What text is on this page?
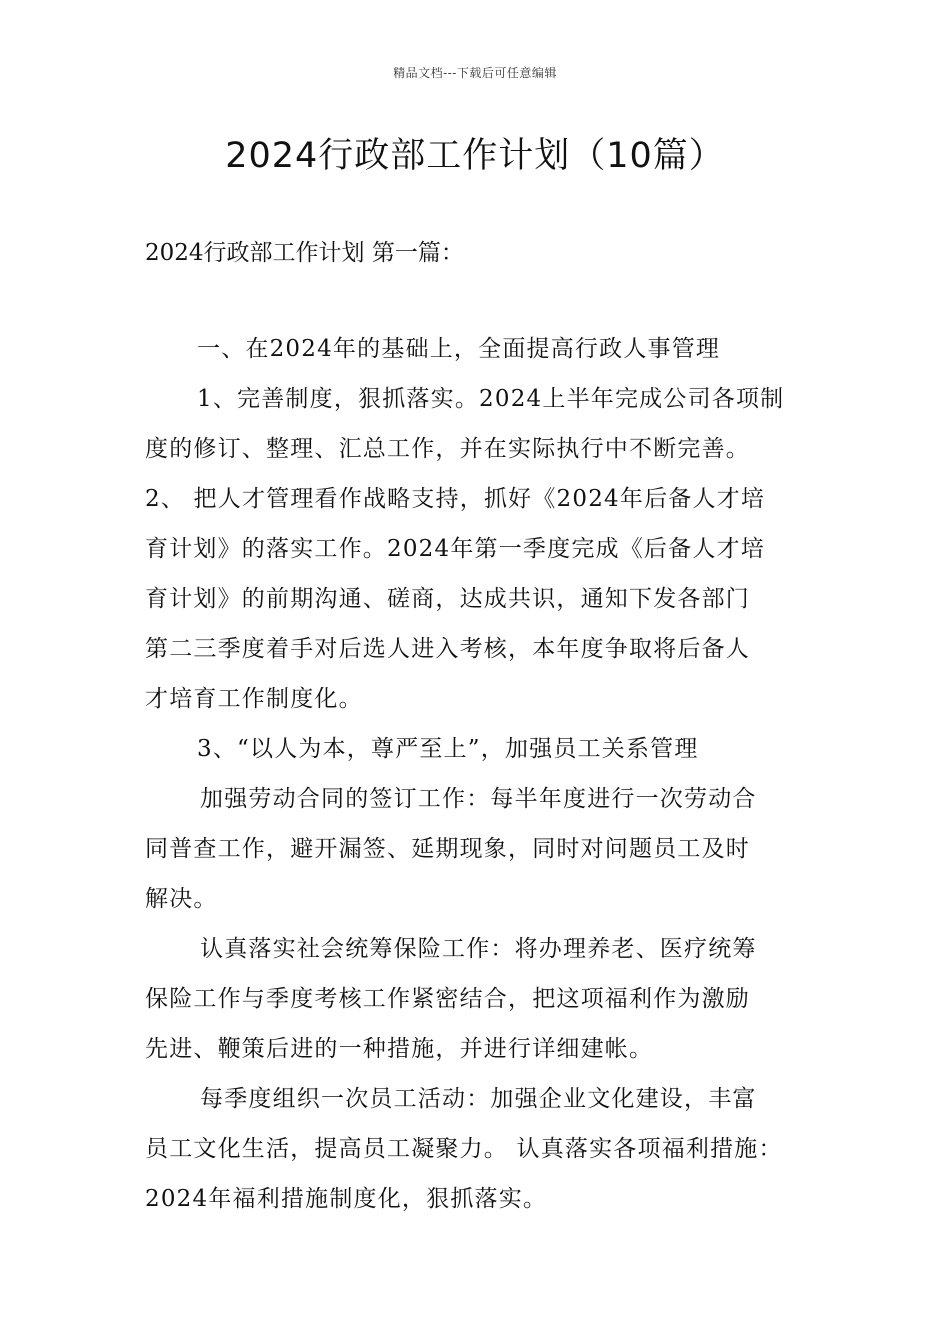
精品文档---下载后可任意编辑
2024行政部工作计划（10篇）
2024行政部工作计划 第一篇：
一、在2024年的基础上，全面提高行政人事管理
1、完善制度，狠抓落实。2024上半年完成公司各项制
度的修订、整理、汇总工作，并在实际执行中不断完善。
2、 把人才管理看作战略支持，抓好《2024年后备人才培
育计划》的落实工作。2024年第一季度完成《后备人才培
育计划》的前期沟通、磋商，达成共识，通知下发各部门
第二三季度着手对后选人进入考核，本年度争取将后备人
才培育工作制度化。
3、“以人为本，尊严至上”，加强员工关系管理
加强劳动合同的签订工作：每半年度进行一次劳动合
同普查工作，避开漏签、延期现象，同时对问题员工及时
解决。
认真落实社会统筹保险工作：将办理养老、医疗统筹
保险工作与季度考核工作紧密结合，把这项福利作为激励
先进、鞭策后进的一种措施，并进行详细建帐。
每季度组织一次员工活动：加强企业文化建设，丰富
员工文化生活，提高员工凝聚力。 认真落实各项福利措施：
2024年福利措施制度化，狠抓落实。
